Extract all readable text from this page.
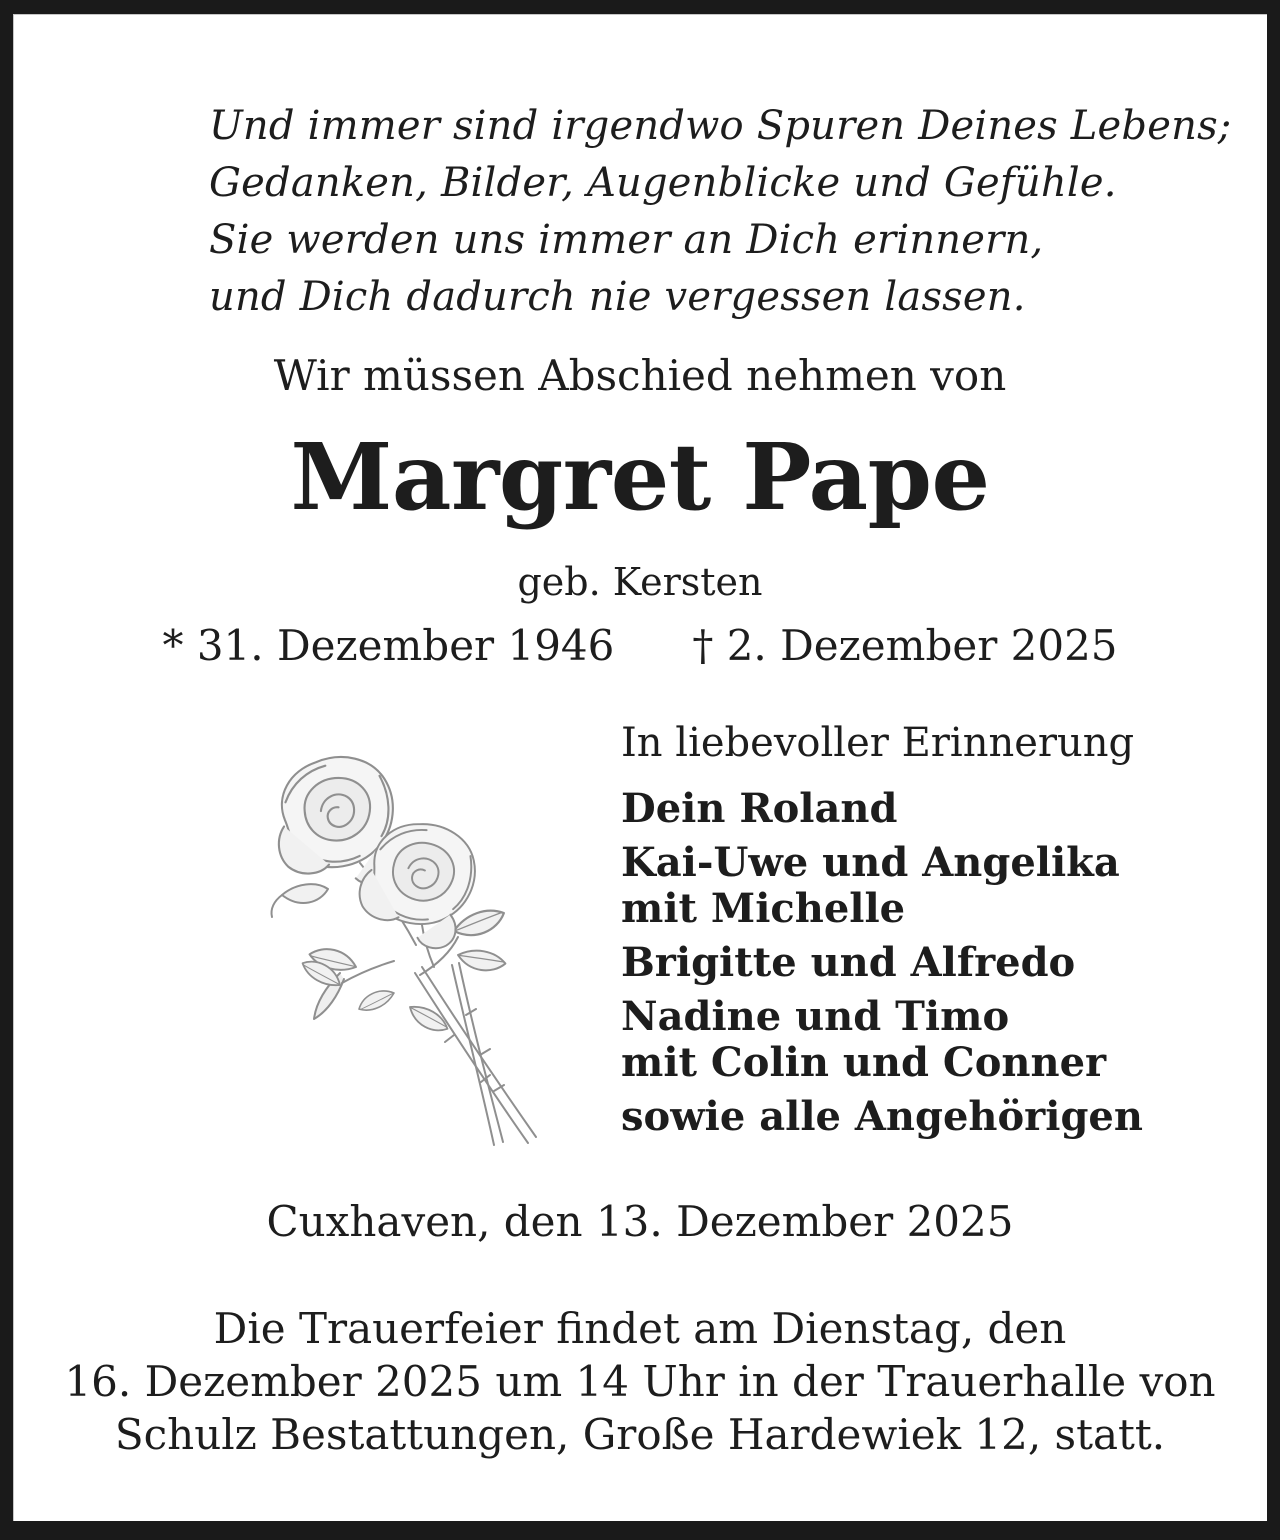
Und immer sind irgendwo Spuren Deines Lebens;
Gedanken, Bilder, Augenblicke und Gefühle.
Sie werden uns immer an Dich erinnern,
und Dich dadurch nie vergessen lassen.
Wir müssen Abschied nehmen von
Margret Pape
geb. Kersten
* 31. Dezember 1946 † 2. Dezember 2025
In liebevoller Erinnerung
Dein Roland
Kai-Uwe und Angelika
mit Michelle
Brigitte und Alfredo
Nadine und Timo
mit Colin und Conner
sowie alle Angehörigen
Cuxhaven, den 13. Dezember 2025
Die Trauerfeier findet am Dienstag, den
16. Dezember 2025 um 14 Uhr in der Trauerhalle von
Schulz Bestattungen, Große Hardewiek 12, statt.
